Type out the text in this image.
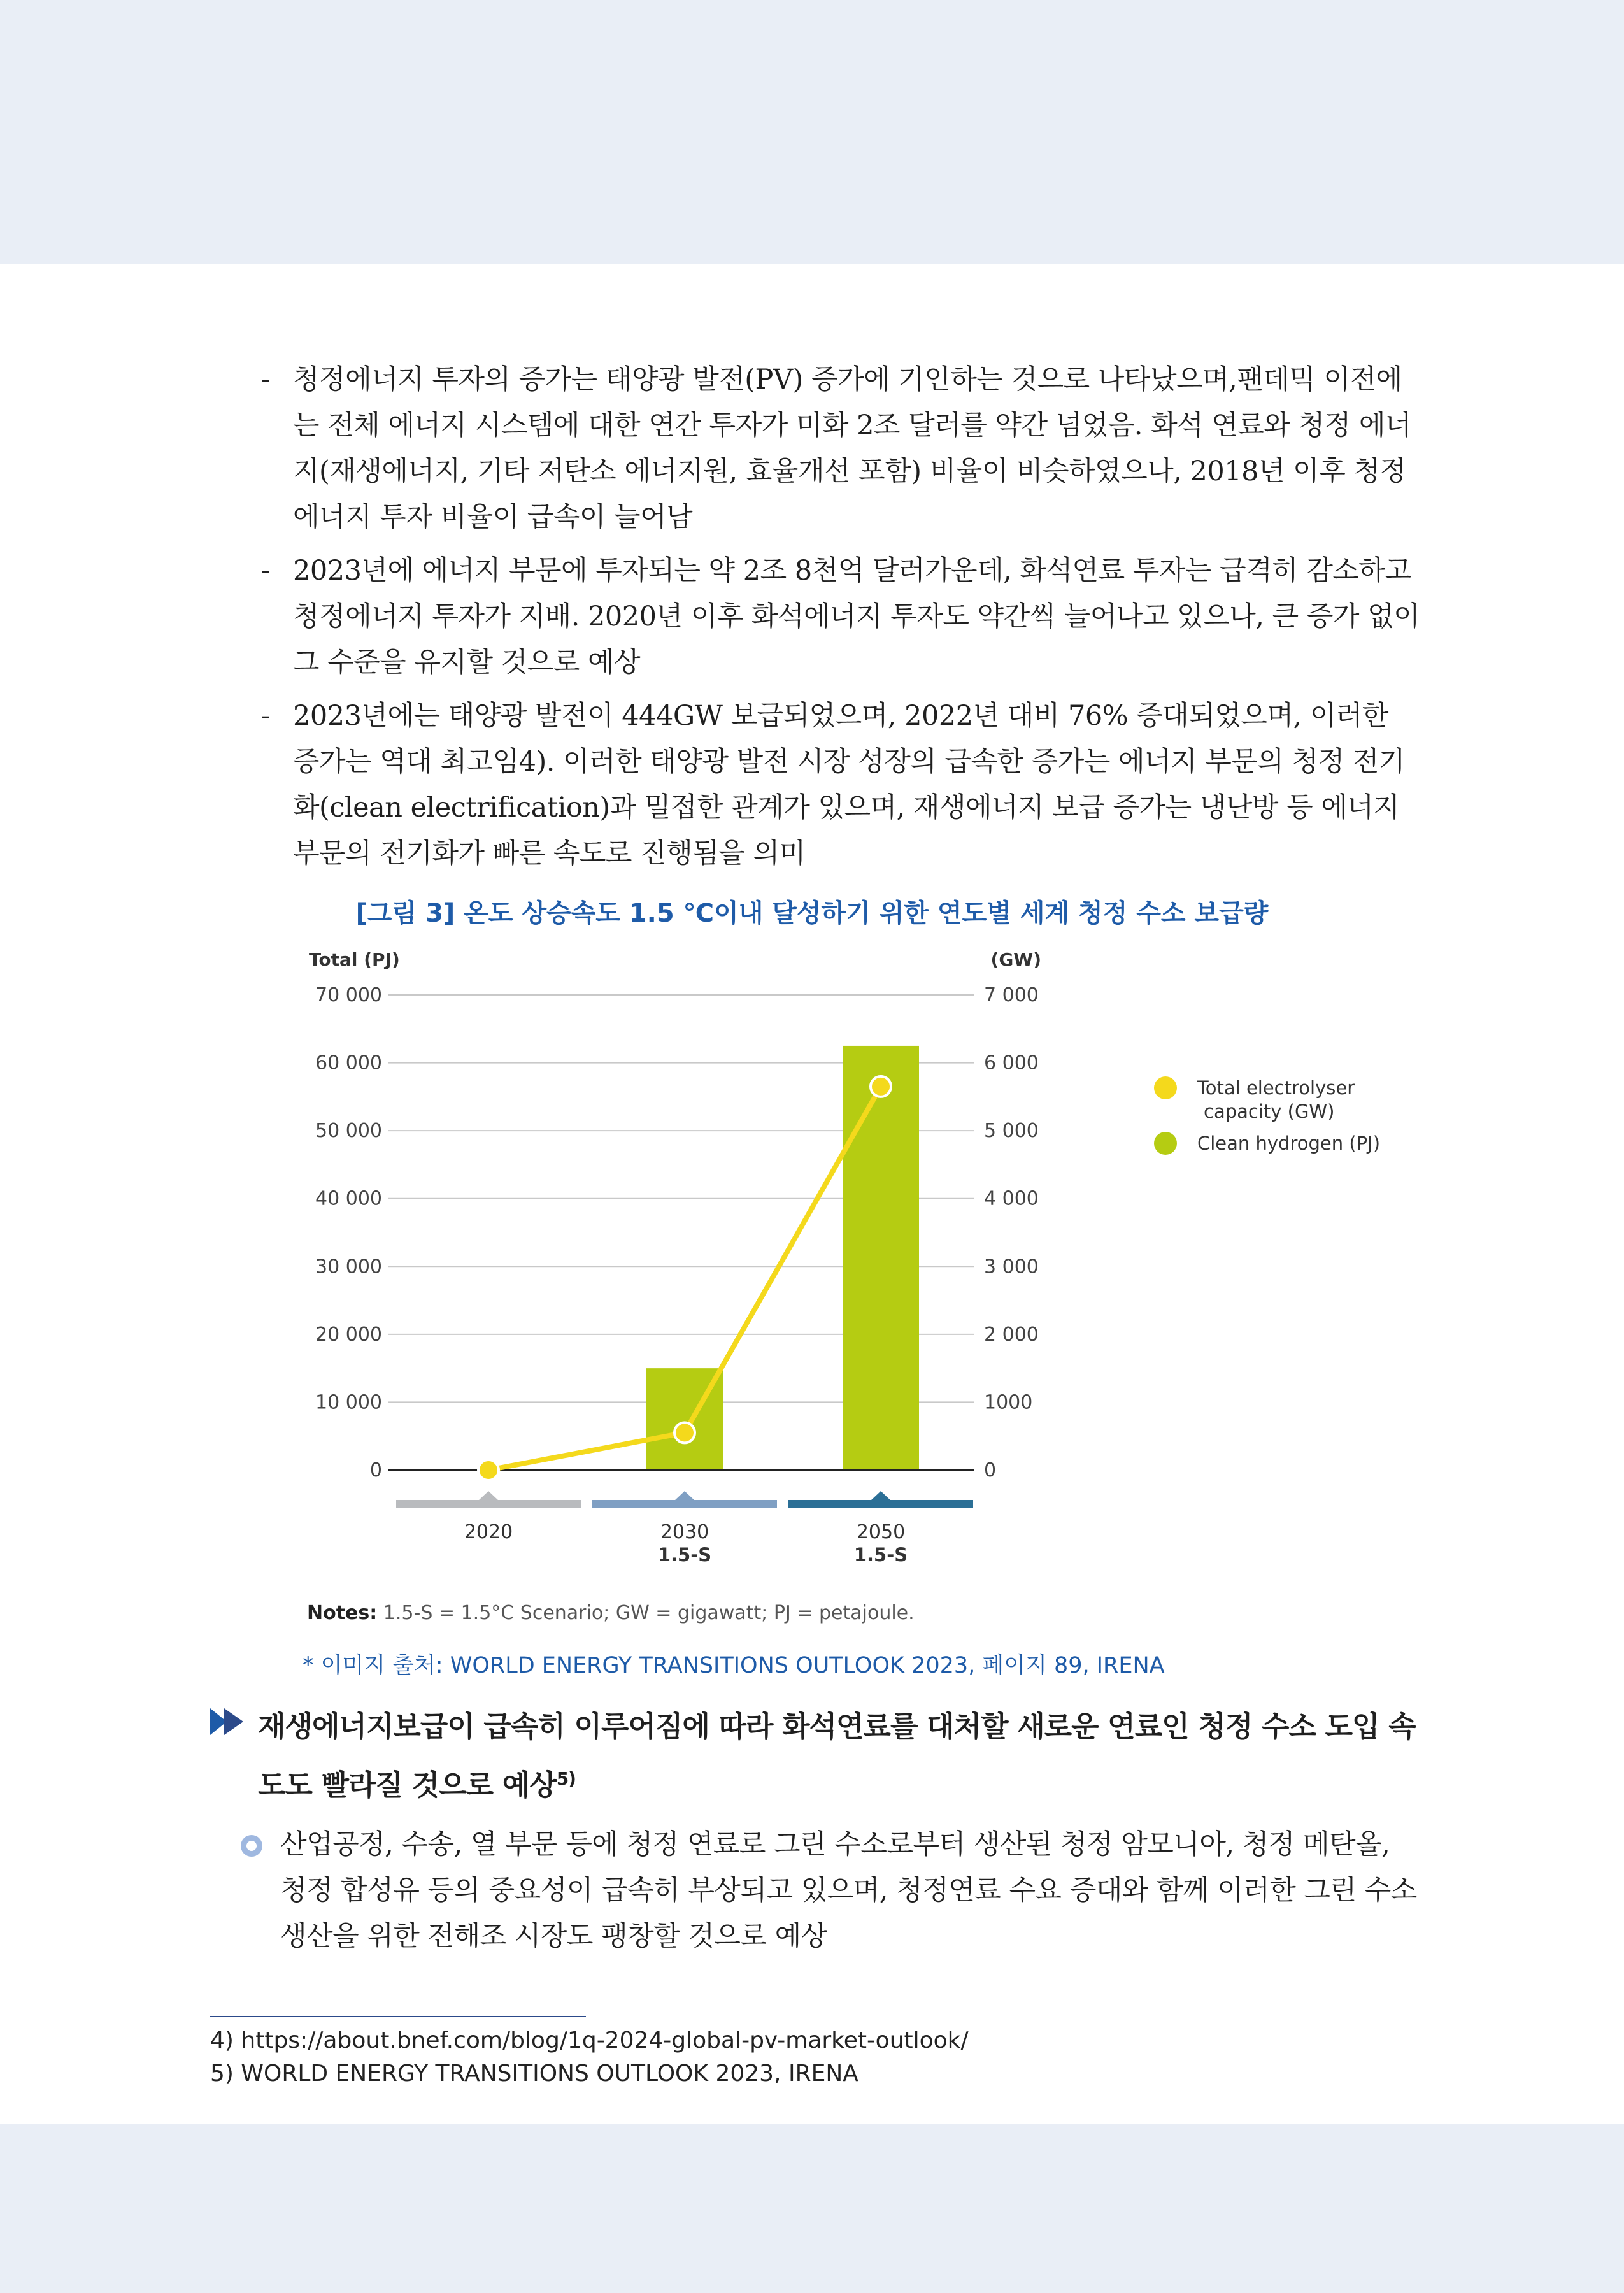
- 청정에너지 투자의 증가는 태양광 발전(PV) 증가에 기인하는 것으로 나타났으며,팬데믹 이전에는 전체 에너지 시스템에 대한 연간 투자가 미화 2조 달러를 약간 넘었음. 화석 연료와 청정 에너지(재생에너지, 기타 저탄소 에너지원, 효율개선 포함) 비율이 비슷하였으나, 2018년 이후 청정에너지 투자 비율이 급속이 늘어남
- 2023년에 에너지 부문에 투자되는 약 2조 8천억 달러가운데, 화석연료 투자는 급격히 감소하고 청정에너지 투자가 지배. 2020년 이후 화석에너지 투자도 약간씩 늘어나고 있으나, 큰 증가 없이 그 수준을 유지할 것으로 예상
- 2023년에는 태양광 발전이 444GW 보급되었으며, 2022년 대비 76% 증대되었으며, 이러한 증가는 역대 최고임4). 이러한 태양광 발전 시장 성장의 급속한 증가는 에너지 부문의 청정 전기화(clean electrification)과 밀접한 관계가 있으며, 재생에너지 보급 증가는 냉난방 등 에너지 부문의 전기화가 빠른 속도로 진행됨을 의미
[그림 3] 온도 상승속도 1.5 ℃이내 달성하기 위한 연도별 세계 청정 수소 보급량
Total (PJ)	(GW)
0	0
10 000	1000
20 000	2 000
30 000	3 000
40 000	4 000
50 000	5 000
60 000	6 000
70 000	7 000
2020	2030
1.5-S
2050
1.5-S
Total electrolyser
capacity (GW)
Clean hydrogen (PJ)
Notes: 1.5-S = 1.5°C Scenario; GW = gigawatt; PJ = petajoule.
* 이미지 출처: WORLD ENERGY TRANSITIONS OUTLOOK 2023, 페이지 89, IRENA
재생에너지보급이 급속히 이루어짐에 따라 화석연료를 대처할 새로운 연료인 청정 수소 도입 속도도 빨라질 것으로 예상$^{5)}$
산업공정, 수송, 열 부문 등에 청정 연료로 그린 수소로부터 생산된 청정 암모니아, 청정 메탄올, 청정 합성유 등의 중요성이 급속히 부상되고 있으며, 청정연료 수요 증대와 함께 이러한 그린 수소생산을 위한 전해조 시장도 팽창할 것으로 예상
4) https://about.bnef.com/blog/1q-2024-global-pv-market-outlook/
5) WORLD ENERGY TRANSITIONS OUTLOOK 2023, IRENA
